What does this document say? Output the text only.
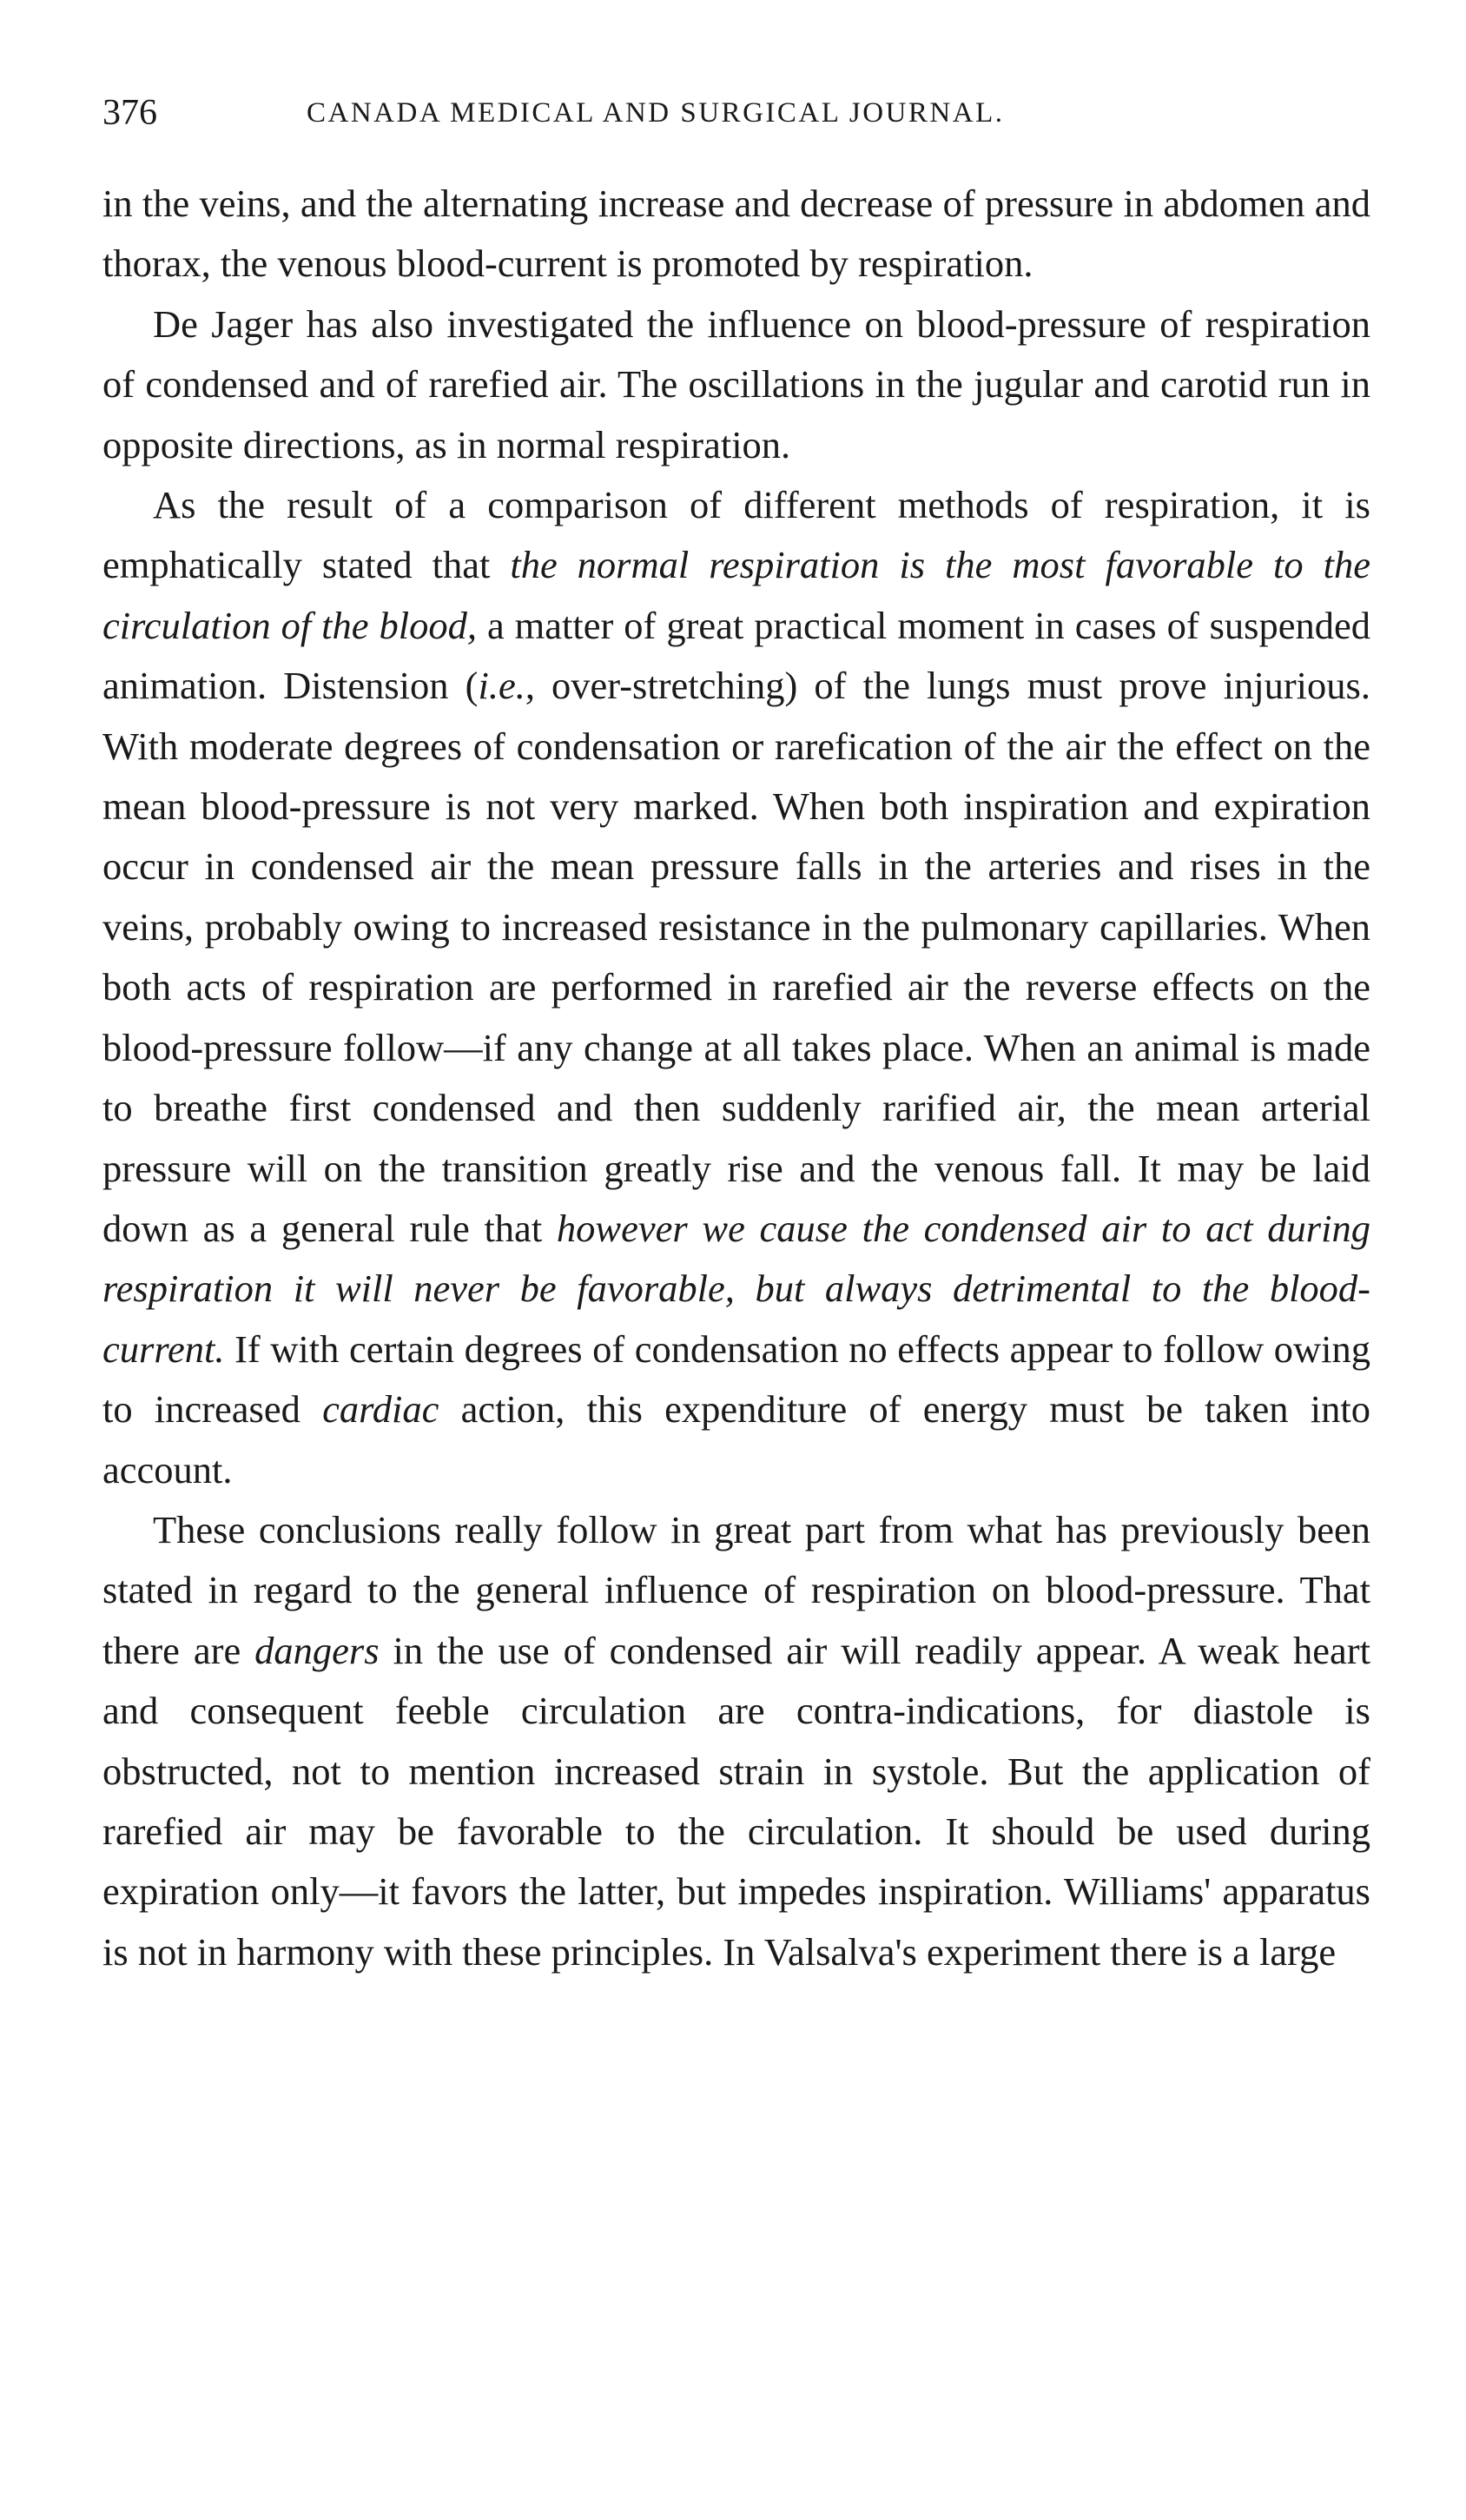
376	CANADA MEDICAL AND SURGICAL JOURNAL.

in the veins, and the alternating increase and decrease of pressure in abdomen and thorax, the venous blood-current is promoted by respiration.

De Jager has also investigated the influence on blood-pressure of respiration of condensed and of rarefied air. The oscillations in the jugular and carotid run in opposite directions, as in normal respiration.

As the result of a comparison of different methods of respiration, it is emphatically stated that the normal respiration is the most favorable to the circulation of the blood, a matter of great practical moment in cases of suspended animation. Distension (i.e., over-stretching) of the lungs must prove injurious. With moderate degrees of condensation or rarefication of the air the effect on the mean blood-pressure is not very marked. When both inspiration and expiration occur in condensed air the mean pressure falls in the arteries and rises in the veins, probably owing to increased resistance in the pulmonary capillaries. When both acts of respiration are performed in rarefied air the reverse effects on the blood-pressure follow—if any change at all takes place. When an animal is made to breathe first condensed and then suddenly rarified air, the mean arterial pressure will on the transition greatly rise and the venous fall. It may be laid down as a general rule that however we cause the condensed air to act during respiration it will never be favorable, but always detrimental to the blood-current. If with certain degrees of condensation no effects appear to follow owing to increased cardiac action, this expenditure of energy must be taken into account.

These conclusions really follow in great part from what has previously been stated in regard to the general influence of respiration on blood-pressure. That there are dangers in the use of condensed air will readily appear. A weak heart and consequent feeble circulation are contra-indications, for diastole is obstructed, not to mention increased strain in systole. But the application of rarefied air may be favorable to the circulation. It should be used during expiration only—it favors the latter, but impedes inspiration. Williams' apparatus is not in harmony with these principles. In Valsalva's experiment there is a large
